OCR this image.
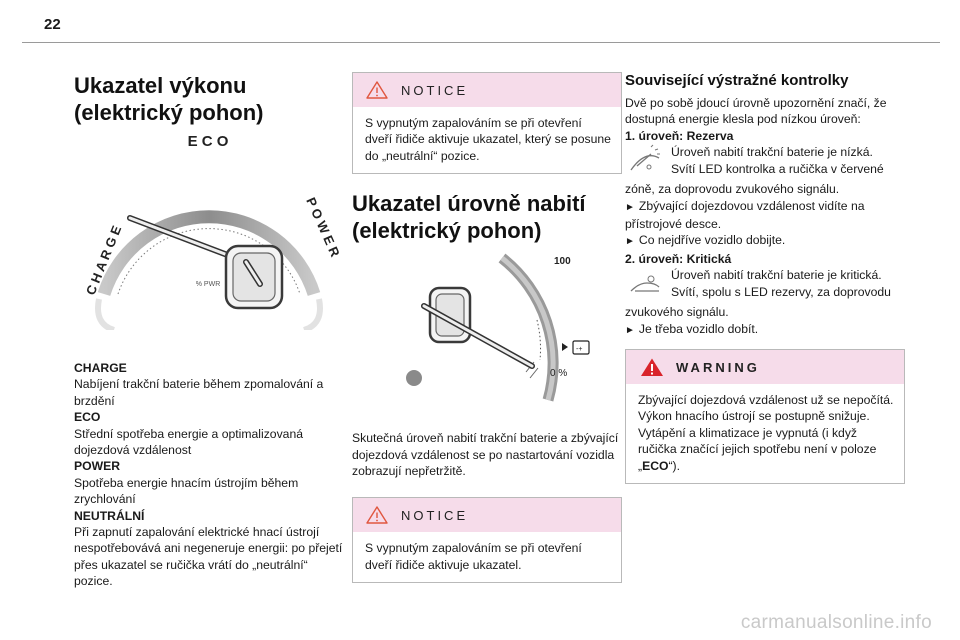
22
Ukazatel výkonu (elektrický pohon)
E C O
C H A R G E	P O W E R
% PWR
CHARGE
Nabíjení trakční baterie během zpomalování a brzdění
ECO
Střední spotřeba energie a optimalizovaná dojezdová vzdálenost
POWER
Spotřeba energie hnacím ústrojím během zrychlování
NEUTRÁLNÍ
Při zapnutí zapalování elektrické hnací ústrojí nespotřebovává ani negeneruje energii: po přejetí přes ukazatel se ručička vrátí do „neutrální“ pozice.
NOTICE
S vypnutým zapalováním se při otevření dveří řidiče aktivuje ukazatel, který se posune do „neutrální“ pozice.
Ukazatel úrovně nabití (elektrický pohon)
-+
100
0 %
Skutečná úroveň nabití trakční baterie a zbývající dojezdová vzdálenost se po nastartování vozidla zobrazují nepřetržitě.
NOTICE
S vypnutým zapalováním se při otevření dveří řidiče aktivuje ukazatel.
Související výstražné kontrolky
Dvě po sobě jdoucí úrovně upozornění značí, že dostupná energie klesla pod nízkou úroveň:
1. úroveň: Rezerva
Úroveň nabití trakční baterie je nízká.
Svítí LED kontrolka a ručička v červené
zóně, za doprovodu zvukového signálu.
► Zbývající dojezdovou vzdálenost vidíte na přístrojové desce.
► Co nejdříve vozidlo dobijte.
2. úroveň: Kritická
Úroveň nabití trakční baterie je kritická.
Svítí, spolu s LED rezervy, za doprovodu
zvukového signálu.
► Je třeba vozidlo dobít.
WARNING
Zbývající dojezdová vzdálenost už se nepočítá. Výkon hnacího ústrojí se postupně snižuje.
Vytápění a klimatizace je vypnutá (i když ručička značící jejich spotřebu není v poloze „ECO“).
carmanualsonline.info
